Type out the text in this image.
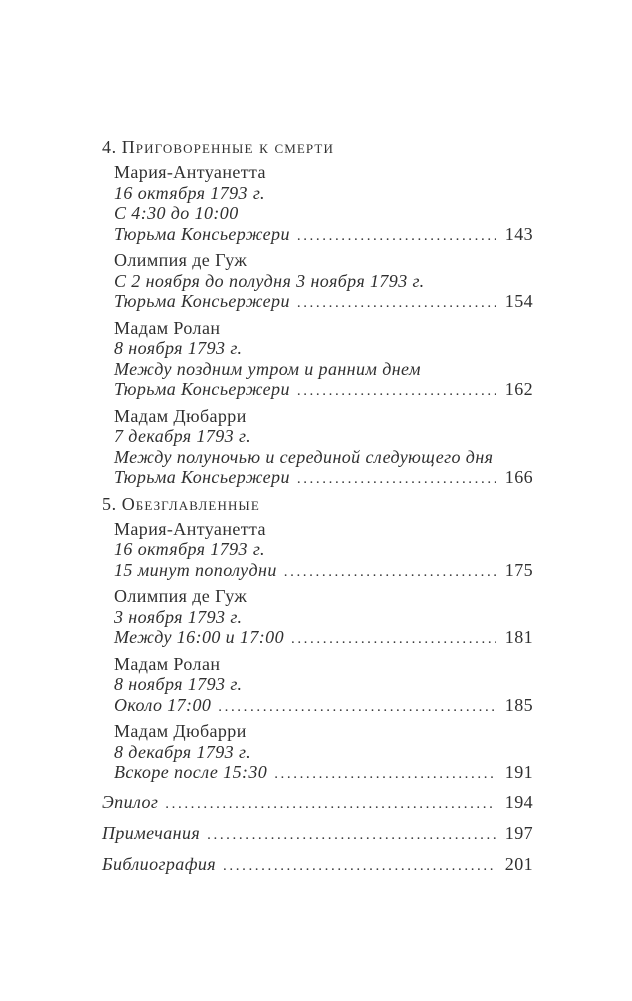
4. Приговоренные к смерти
Мария-Антуанетта
16 октября 1793 г.
С 4:30 до 10:00
Тюрьма Консьержери .....	143
Олимпия де Гуж
С 2 ноября до полудня 3 ноября 1793 г.
Тюрьма Консьержери .....	154
Мадам Ролан
8 ноября 1793 г.
Между поздним утром и ранним днем
Тюрьма Консьержери .....	162
Мадам Дюбарри
7 декабря 1793 г.
Между полуночью и серединой следующего дня
Тюрьма Консьержери .....	166
5. Обезглавленные
Мария-Антуанетта
16 октября 1793 г.
15 минут пополудни .....	175
Олимпия де Гуж
3 ноября 1793 г.
Между 16:00 и 17:00 .....	181
Мадам Ролан
8 ноября 1793 г.
Около 17:00 .....	185
Мадам Дюбарри
8 декабря 1793 г.
Вскоре после 15:30 .....	191
Эпилог .....	194
Примечания .....	197
Библиография .....	201
